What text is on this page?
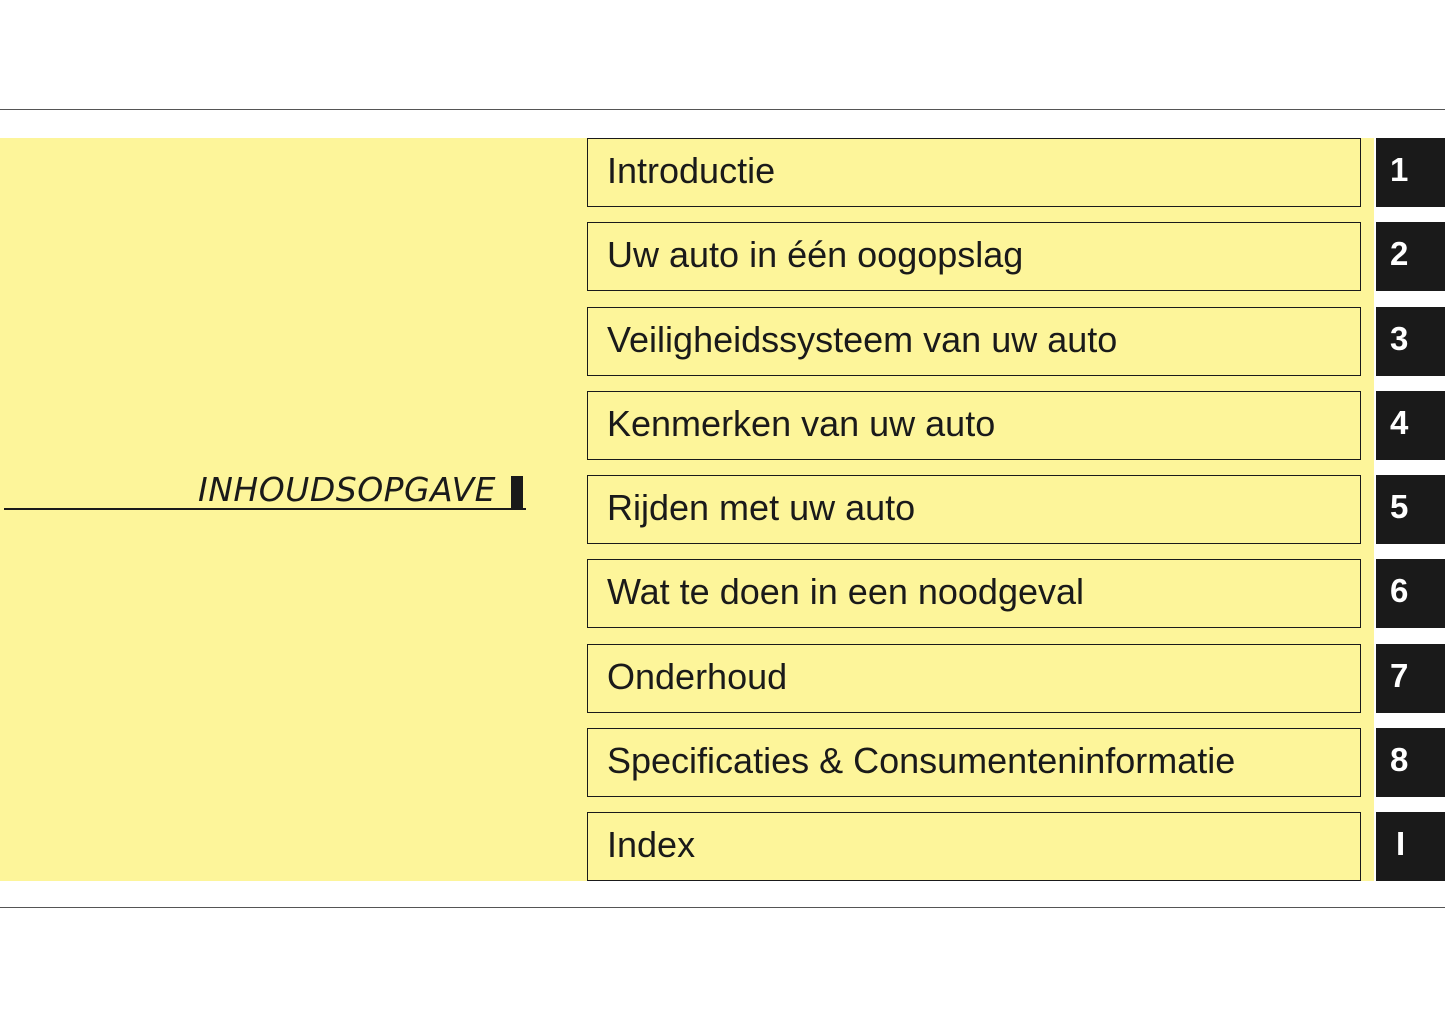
INHOUDSOPGAVE
Introductie	1
Uw auto in één oogopslag	2
Veiligheidssysteem van uw auto	3
Kenmerken van uw auto	4
Rijden met uw auto	5
Wat te doen in een noodgeval	6
Onderhoud	7
Specificaties & Consumenteninformatie	8
Index	I
